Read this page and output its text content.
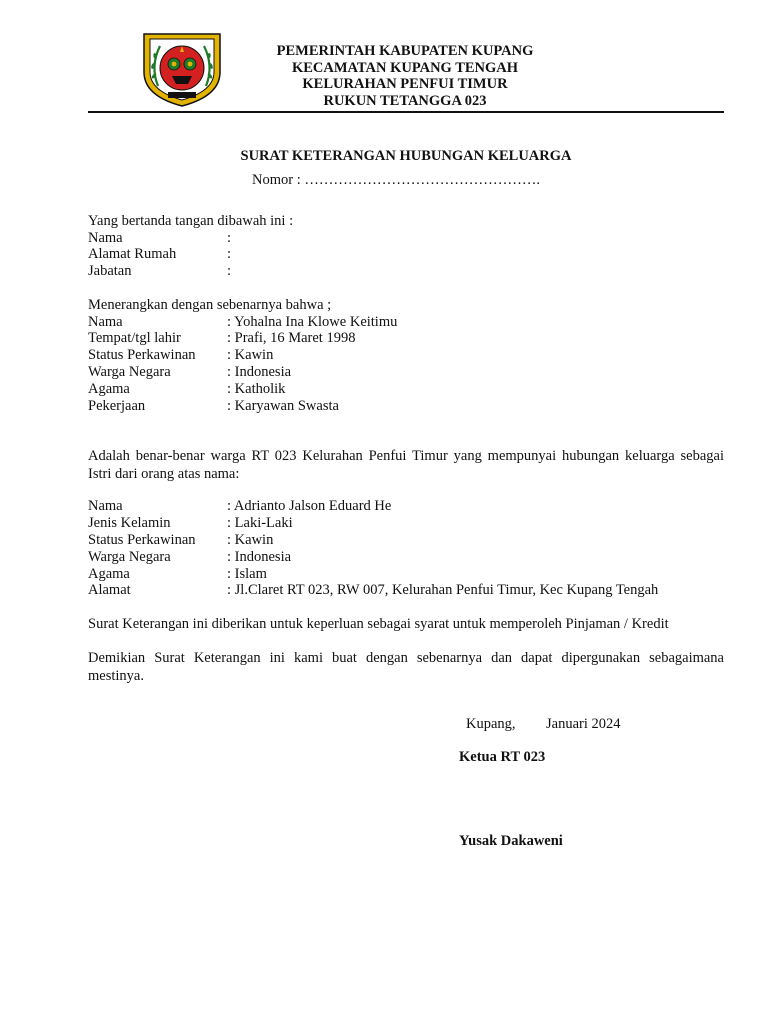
1958
PEMERINTAH KABUPATEN KUPANG
KECAMATAN KUPANG TENGAH
KELURAHAN PENFUI TIMUR
RUKUN TETANGGA 023
SURAT KETERANGAN HUBUNGAN KELUARGA
Nomor : ………………………………………….
Yang bertanda tangan dibawah ini :
Nama	:
Alamat Rumah	:
Jabatan	:
Menerangkan dengan sebenarnya bahwa ;
Nama	: Yohalna Ina Klowe Keitimu
Tempat/tgl lahir	: Prafi, 16 Maret 1998
Status Perkawinan : Kawin
Warga Negara	: Indonesia
Agama	: Katholik
Pekerjaan	: Karyawan Swasta
Adalah benar-benar warga RT 023 Kelurahan Penfui Timur yang mempunyai hubungan keluarga sebagai Istri dari orang atas nama:
Nama	: Adrianto Jalson Eduard He
Jenis Kelamin	: Laki-Laki
Status Perkawinan : Kawin
Warga Negara	: Indonesia
Agama	: Islam
Alamat	: Jl.Claret RT 023, RW 007, Kelurahan Penfui Timur, Kec Kupang Tengah
Surat Keterangan ini diberikan untuk keperluan sebagai syarat untuk memperoleh Pinjaman / Kredit
Demikian Surat Keterangan ini kami buat dengan sebenarnya dan dapat dipergunakan sebagaimana mestinya.
Kupang, Januari 2024
Ketua RT 023
Yusak Dakaweni
